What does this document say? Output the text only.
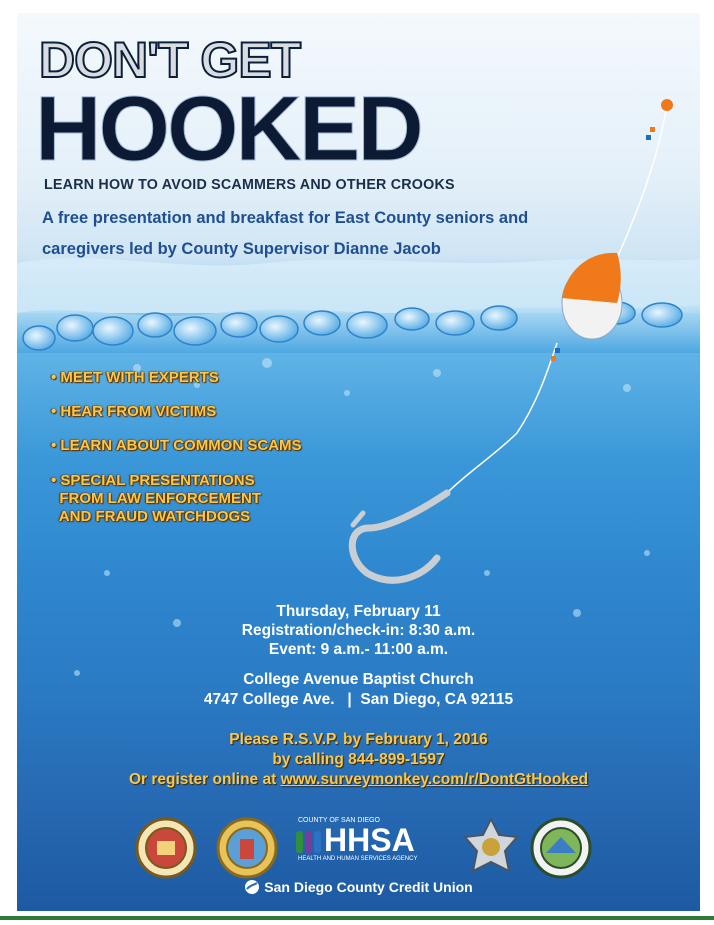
DON'T GET
HOOKED
LEARN HOW TO AVOID SCAMMERS AND OTHER CROOKS
A free presentation and breakfast for East County seniors and
caregivers led by County Supervisor Dianne Jacob
• MEET WITH EXPERTS
• HEAR FROM VICTIMS
• LEARN ABOUT COMMON SCAMS
• SPECIAL PRESENTATIONS
FROM LAW ENFORCEMENT
AND FRAUD WATCHDOGS
Thursday, February 11
Registration/check-in: 8:30 a.m.
Event: 9 a.m.- 11:00 a.m.
College Avenue Baptist Church
4747 College Ave.   |  San Diego, CA 92115
Please R.S.V.P. by February 1, 2016
by calling 844-899-1597
Or register online at www.surveymonkey.com/r/DontGtHooked
COUNTY OF SAN DIEGO
HHSA
HEALTH AND HUMAN SERVICES AGENCY
San Diego County Credit Union
